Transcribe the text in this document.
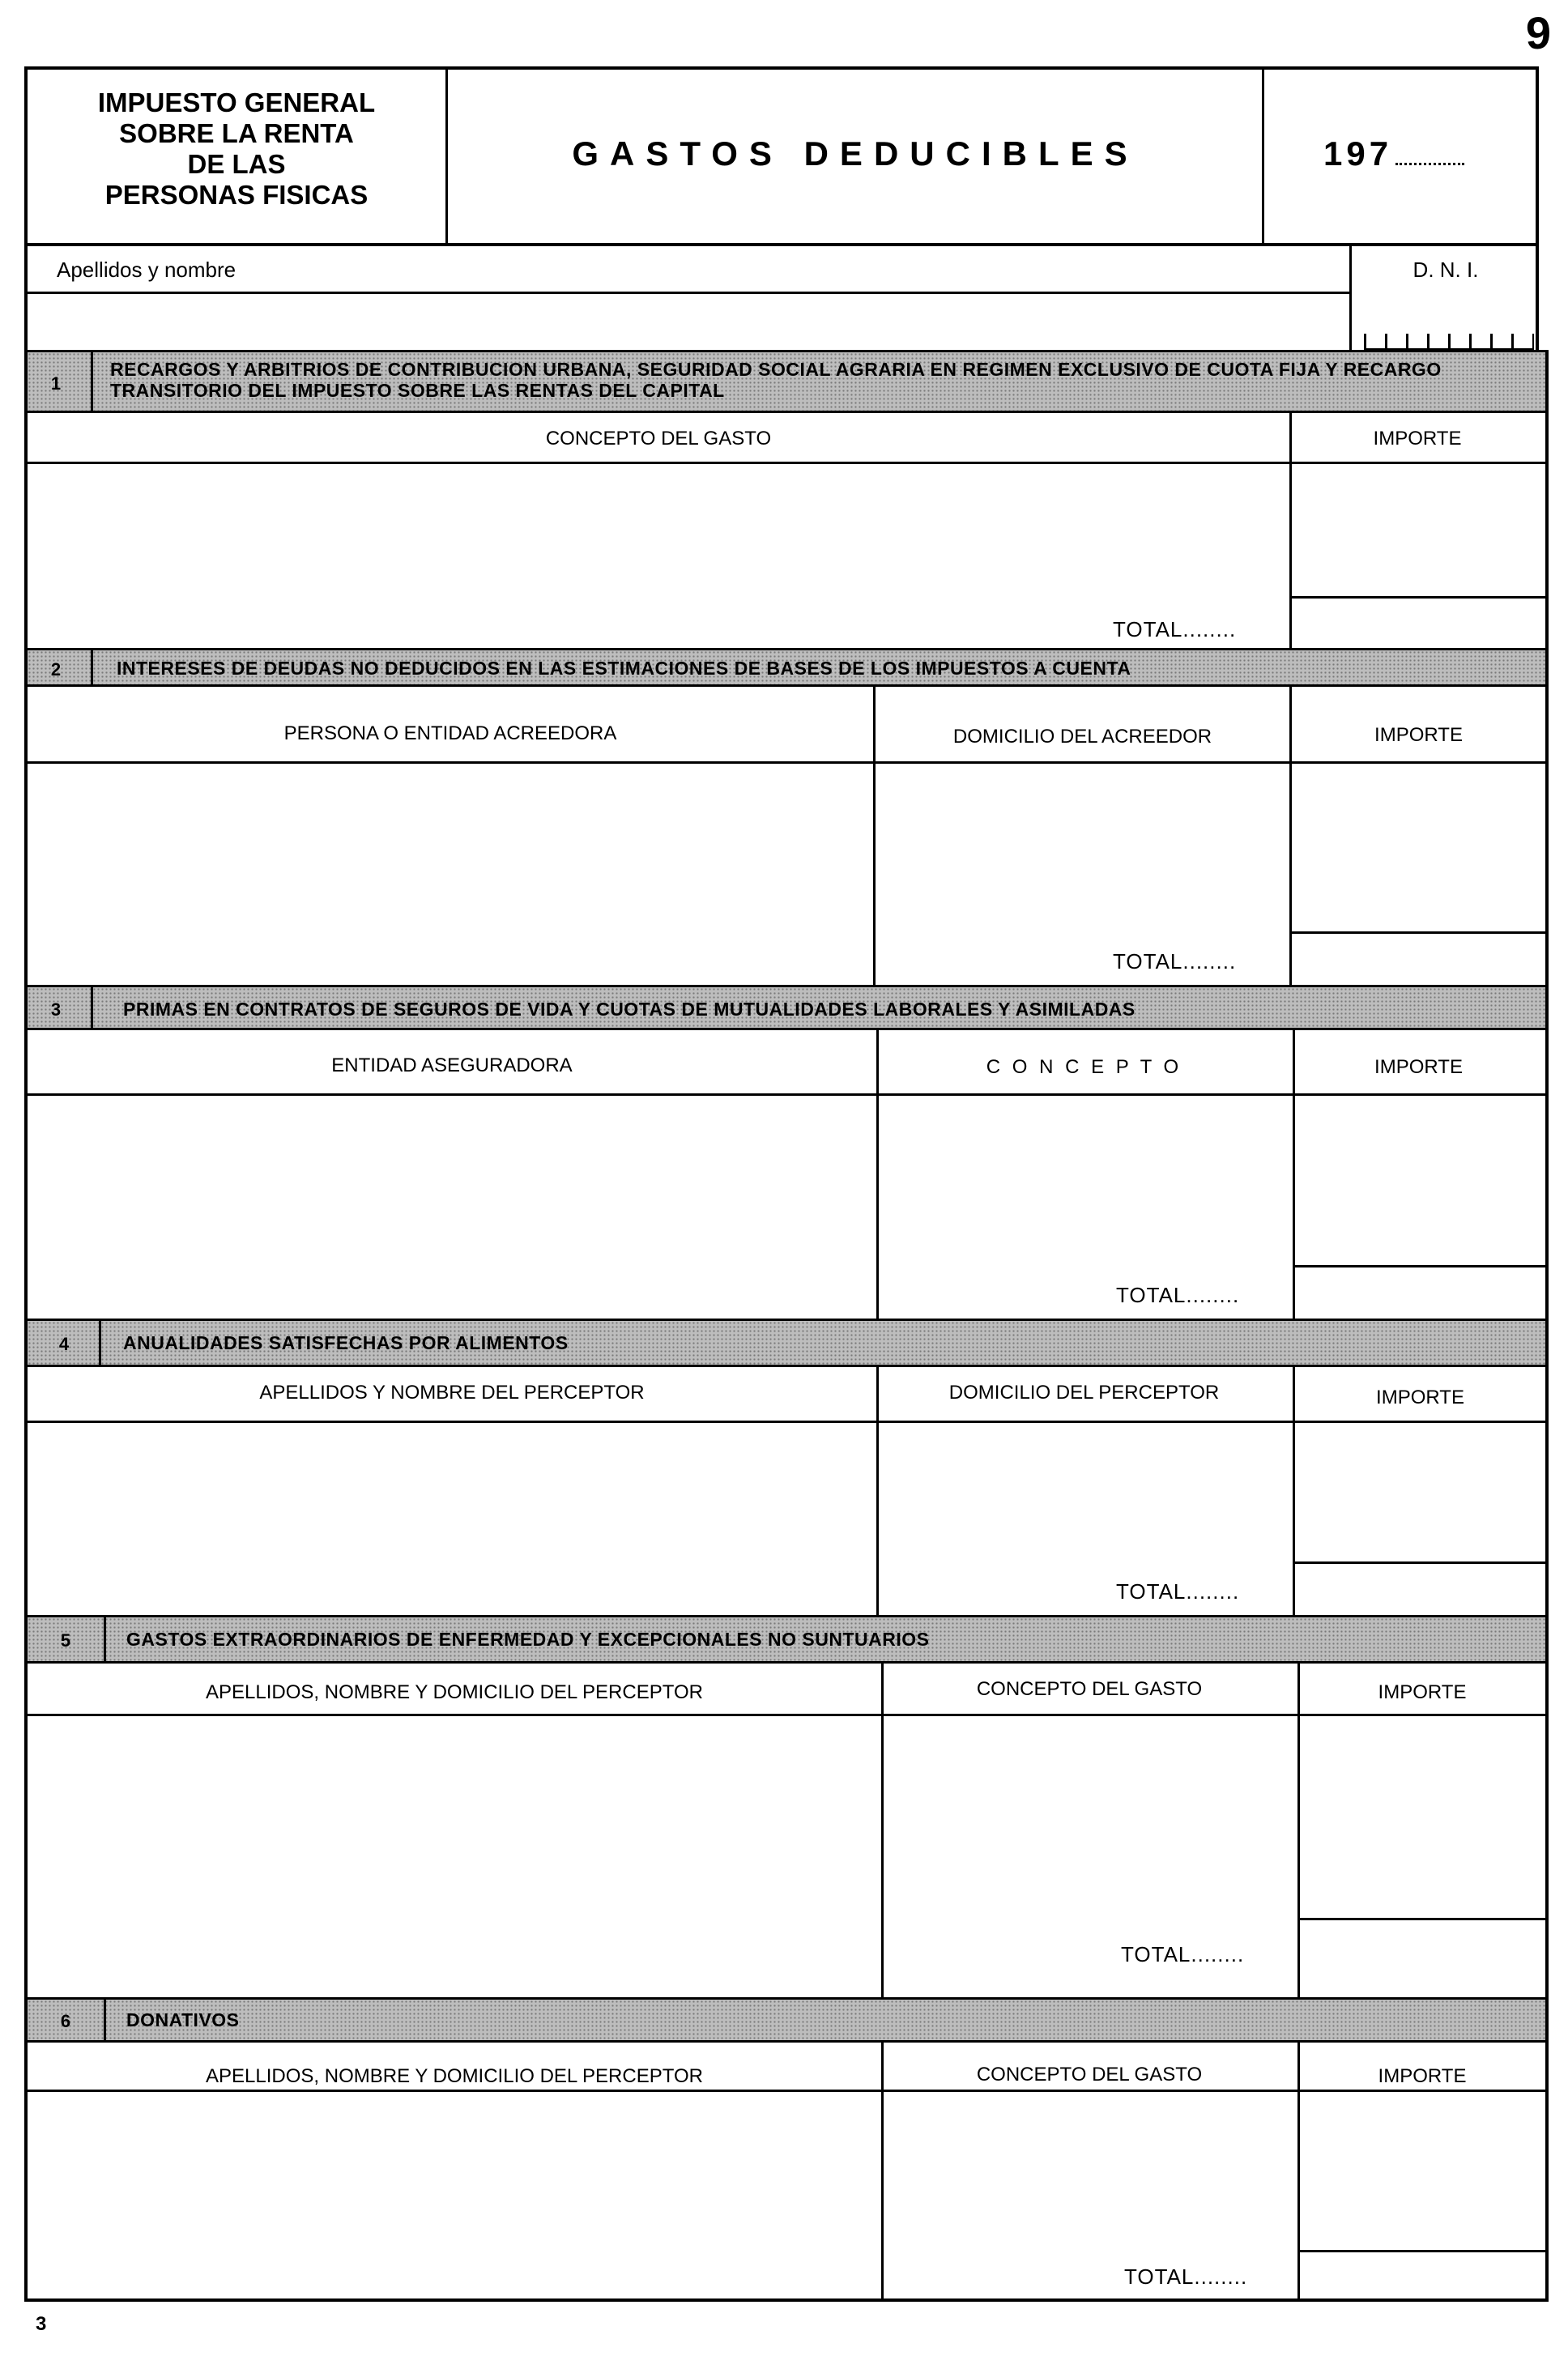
9
IMPUESTO GENERAL
SOBRE LA RENTA
DE LAS
PERSONAS FISICAS
GASTOS DEDUCIBLES	197
Apellidos y nombre	D. N. I.
1
RECARGOS Y ARBITRIOS DE CONTRIBUCION URBANA, SEGURIDAD SOCIAL AGRARIA EN REGIMEN EXCLUSIVO DE CUOTA FIJA Y RECARGO TRANSITORIO DEL IMPUESTO SOBRE LAS RENTAS DEL CAPITAL
CONCEPTO DEL GASTO	IMPORTE
TOTAL........
2	INTERESES DE DEUDAS NO DEDUCIDOS EN LAS ESTIMACIONES DE BASES DE LOS IMPUESTOS A CUENTA
PERSONA O ENTIDAD ACREEDORA	DOMICILIO DEL ACREEDOR	IMPORTE
TOTAL........
3	PRIMAS EN CONTRATOS DE SEGUROS DE VIDA Y CUOTAS DE MUTUALIDADES LABORALES Y ASIMILADAS
ENTIDAD ASEGURADORA	C O N C E P T O	IMPORTE
TOTAL........
4	ANUALIDADES SATISFECHAS POR ALIMENTOS
APELLIDOS Y NOMBRE DEL PERCEPTOR	DOMICILIO DEL PERCEPTOR	IMPORTE
TOTAL........
5	GASTOS EXTRAORDINARIOS DE ENFERMEDAD Y EXCEPCIONALES NO SUNTUARIOS
APELLIDOS, NOMBRE Y DOMICILIO DEL PERCEPTOR	CONCEPTO DEL GASTO	IMPORTE
TOTAL........
6	DONATIVOS
APELLIDOS, NOMBRE Y DOMICILIO DEL PERCEPTOR	CONCEPTO DEL GASTO	IMPORTE
TOTAL........
3
